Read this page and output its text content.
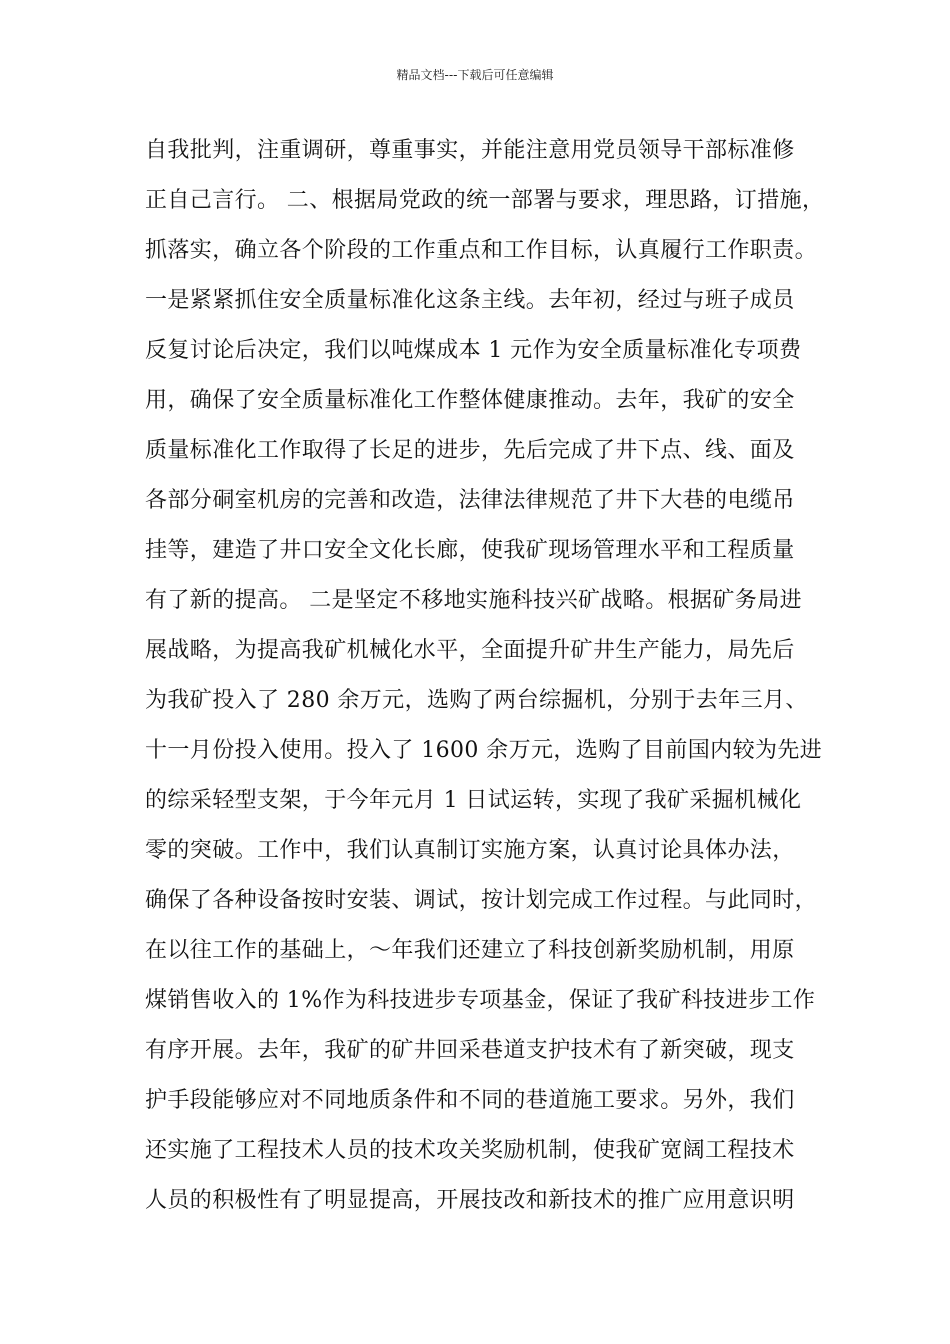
精品文档---下载后可任意编辑
自我批判，注重调研，尊重事实，并能注意用党员领导干部标准修
正自己言行。 二、根据局党政的统一部署与要求，理思路，订措施，
抓落实，确立各个阶段的工作重点和工作目标，认真履行工作职责。
一是紧紧抓住安全质量标准化这条主线。去年初，经过与班子成员
反复讨论后决定，我们以吨煤成本 1 元作为安全质量标准化专项费
用，确保了安全质量标准化工作整体健康推动。去年，我矿的安全
质量标准化工作取得了长足的进步，先后完成了井下点、线、面及
各部分硐室机房的完善和改造，法律法律规范了井下大巷的电缆吊
挂等，建造了井口安全文化长廊，使我矿现场管理水平和工程质量
有了新的提高。 二是坚定不移地实施科技兴矿战略。根据矿务局进
展战略，为提高我矿机械化水平，全面提升矿井生产能力，局先后
为我矿投入了 280 余万元，选购了两台综掘机，分别于去年三月、
十一月份投入使用。投入了 1600 余万元，选购了目前国内较为先进
的综采轻型支架，于今年元月 1 日试运转，实现了我矿采掘机械化
零的突破。工作中，我们认真制订实施方案，认真讨论具体办法，
确保了各种设备按时安装、调试，按计划完成工作过程。与此同时，
在以往工作的基础上，～年我们还建立了科技创新奖励机制，用原
煤销售收入的 1%作为科技进步专项基金，保证了我矿科技进步工作
有序开展。去年，我矿的矿井回采巷道支护技术有了新突破，现支
护手段能够应对不同地质条件和不同的巷道施工要求。另外，我们
还实施了工程技术人员的技术攻关奖励机制，使我矿宽阔工程技术
人员的积极性有了明显提高，开展技改和新技术的推广应用意识明
